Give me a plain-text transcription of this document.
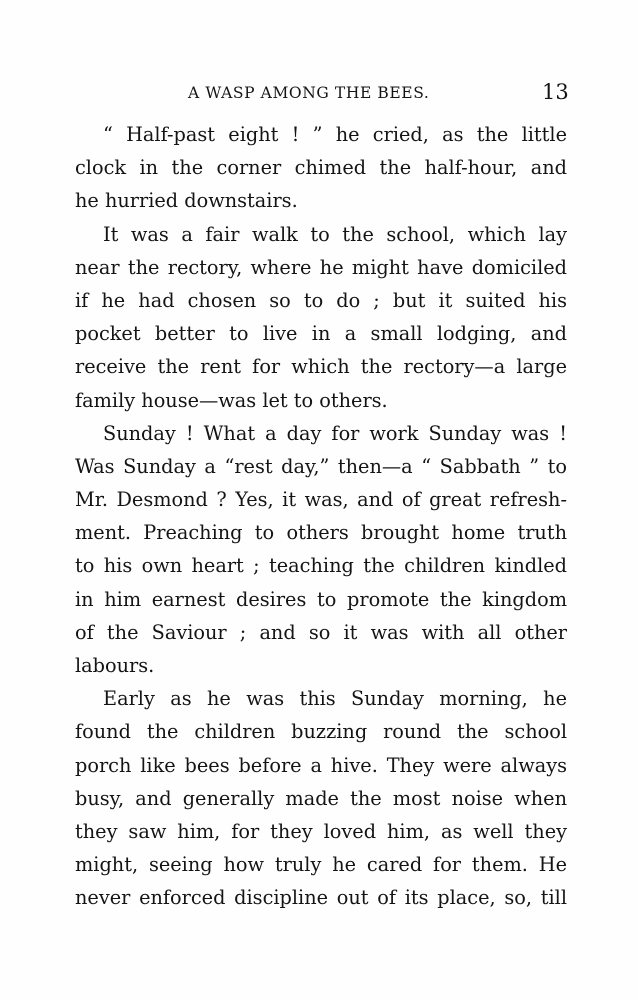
A WASP AMONG THE BEES.	13
“ Half-past eight ! ” he cried, as the little
clock in the corner chimed the half-hour, and
he hurried downstairs.
It was a fair walk to the school, which lay
near the rectory, where he might have domiciled
if he had chosen so to do ; but it suited his
pocket better to live in a small lodging, and
receive the rent for which the rectory—a large
family house—was let to others.
Sunday ! What a day for work Sunday was !
Was Sunday a “rest day,” then—a “ Sabbath ” to
Mr. Desmond ? Yes, it was, and of great refresh-
ment. Preaching to others brought home truth
to his own heart ; teaching the children kindled
in him earnest desires to promote the kingdom
of the Saviour ; and so it was with all other
labours.
Early as he was this Sunday morning, he
found the children buzzing round the school
porch like bees before a hive. They were always
busy, and generally made the most noise when
they saw him, for they loved him, as well they
might, seeing how truly he cared for them. He
never enforced discipline out of its place, so, till
